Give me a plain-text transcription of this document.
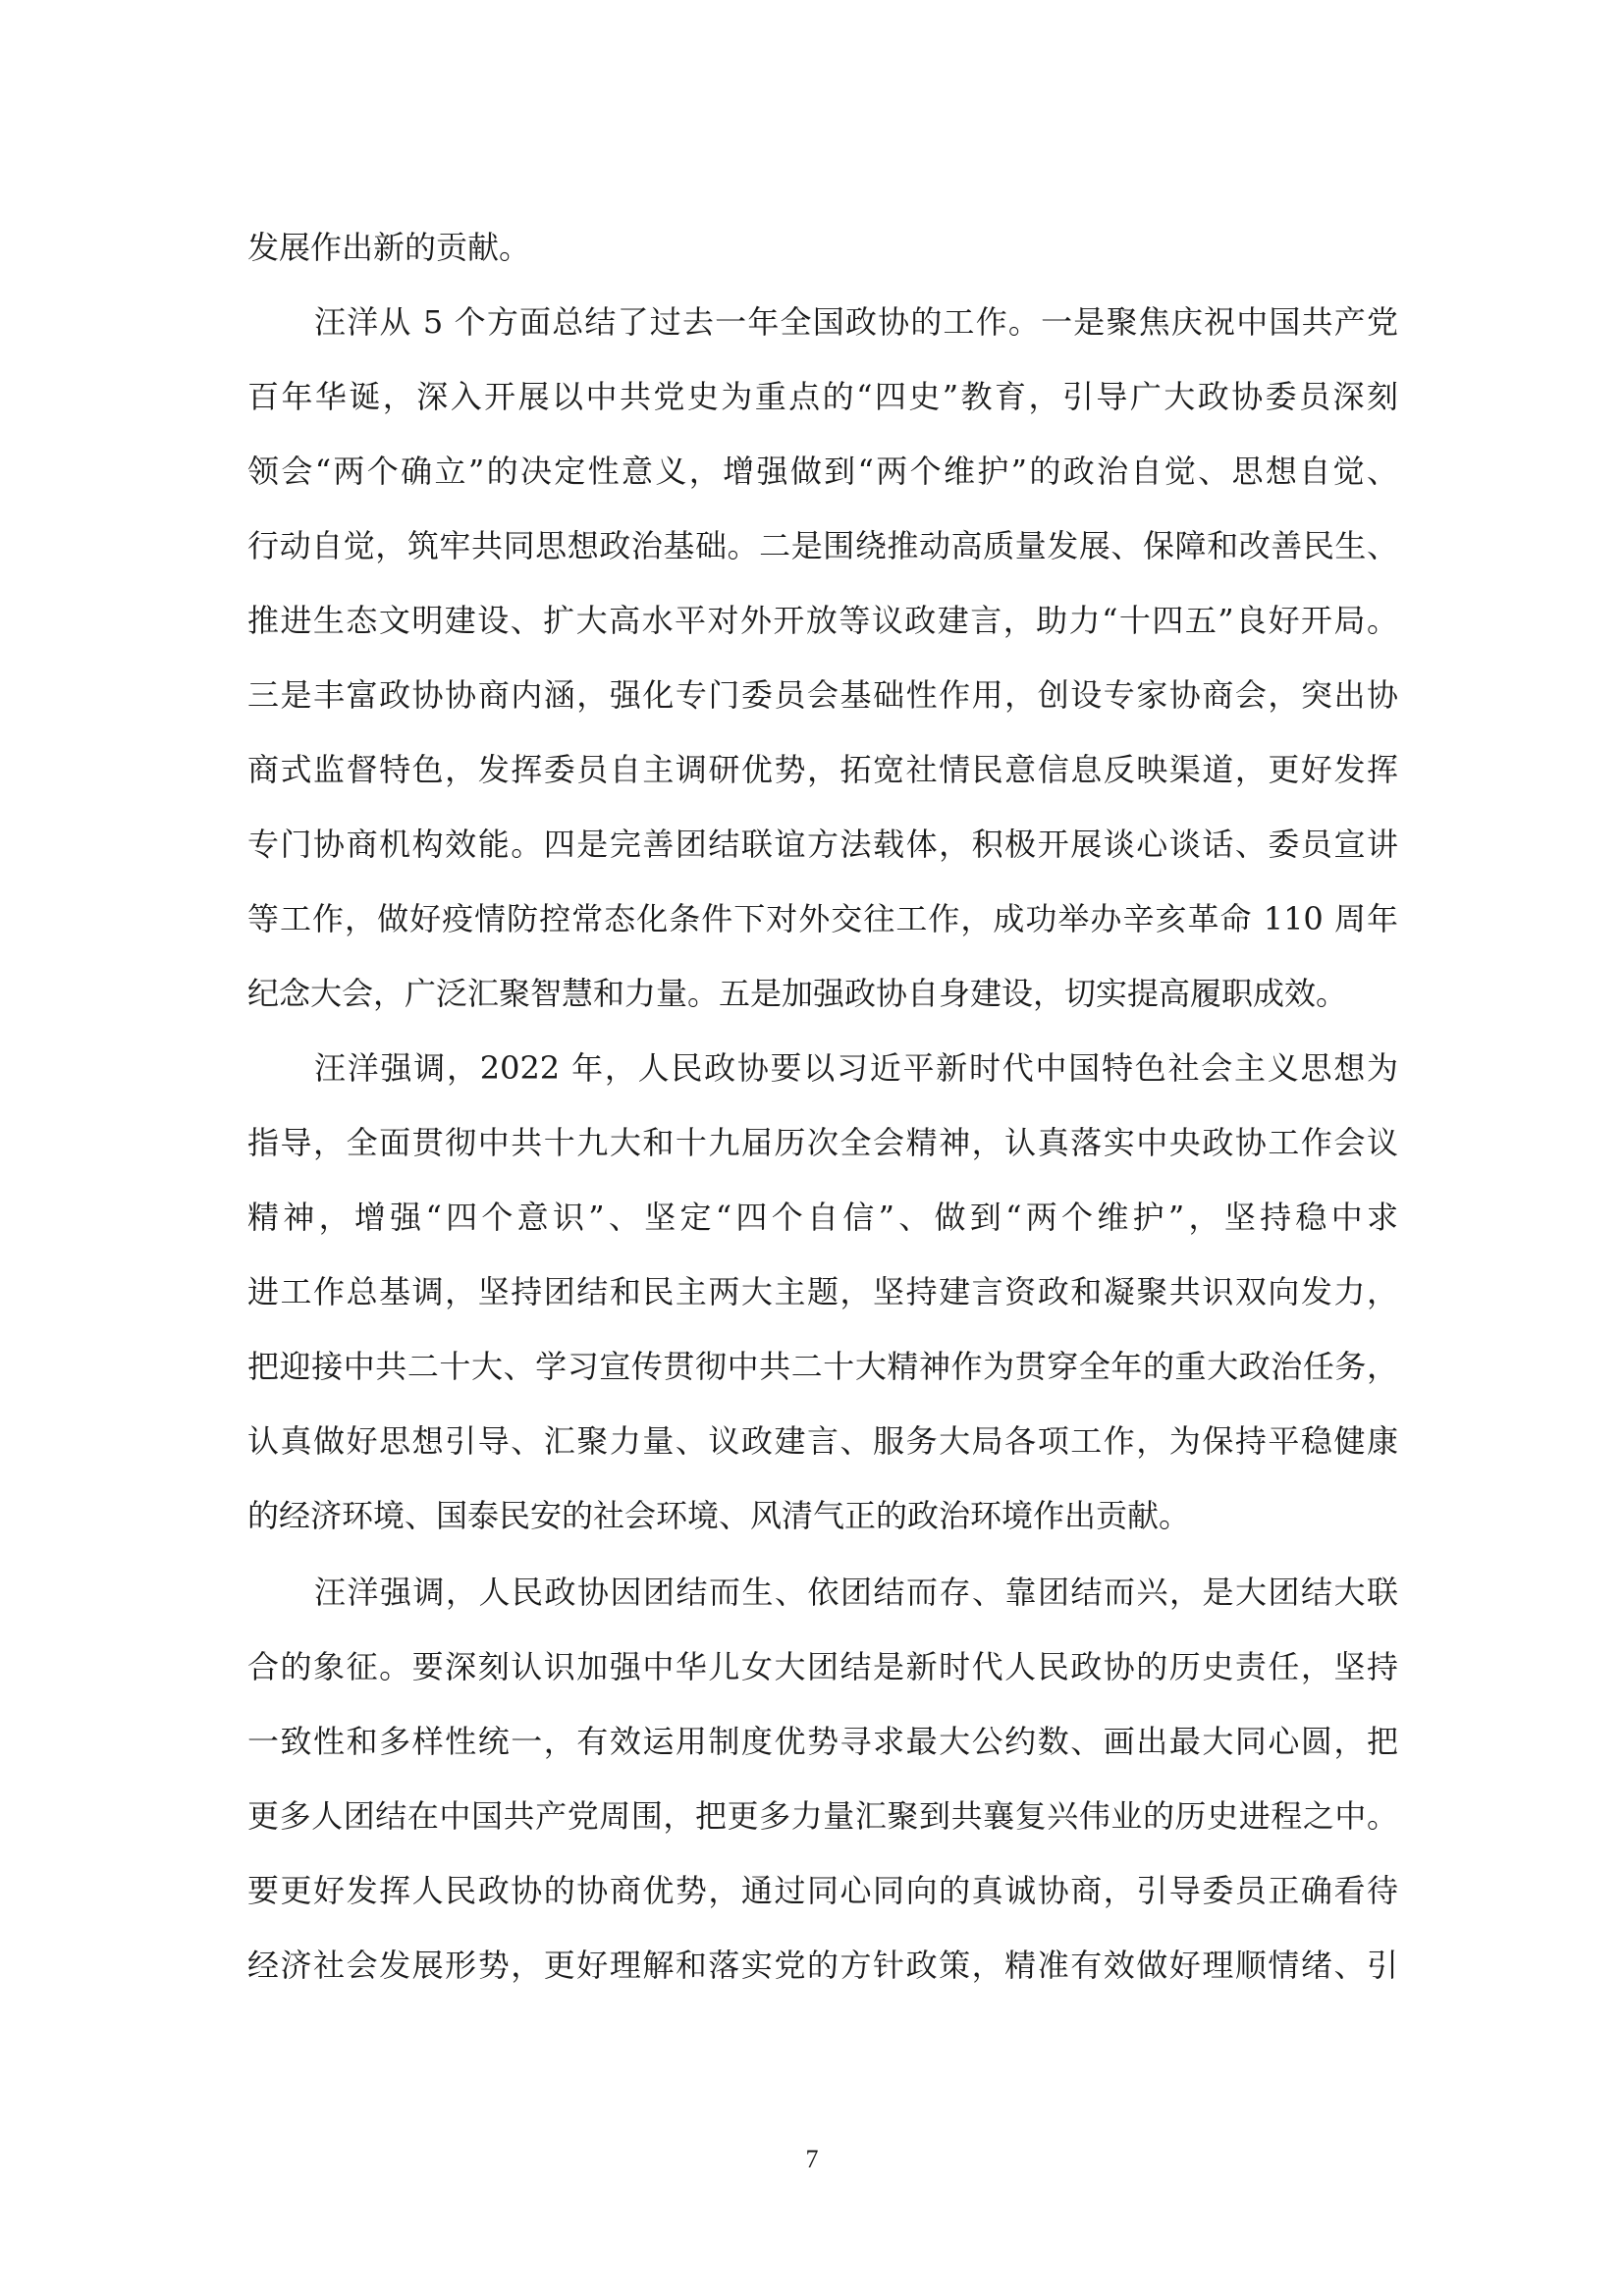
发展作出新的贡献。

汪洋从 5 个方面总结了过去一年全国政协的工作。一是聚焦庆祝中国共产党

百年华诞，深入开展以中共党史为重点的“四史”教育，引导广大政协委员深刻

领会“两个确立”的决定性意义，增强做到“两个维护”的政治自觉、思想自觉、

行动自觉，筑牢共同思想政治基础。二是围绕推动高质量发展、保障和改善民生、

推进生态文明建设、扩大高水平对外开放等议政建言，助力“十四五”良好开局。

三是丰富政协协商内涵，强化专门委员会基础性作用，创设专家协商会，突出协

商式监督特色，发挥委员自主调研优势，拓宽社情民意信息反映渠道，更好发挥

专门协商机构效能。四是完善团结联谊方法载体，积极开展谈心谈话、委员宣讲

等工作，做好疫情防控常态化条件下对外交往工作，成功举办辛亥革命 110 周年

纪念大会，广泛汇聚智慧和力量。五是加强政协自身建设，切实提高履职成效。

汪洋强调，2022 年，人民政协要以习近平新时代中国特色社会主义思想为

指导，全面贯彻中共十九大和十九届历次全会精神，认真落实中央政协工作会议

精神，增强“四个意识”、坚定“四个自信”、做到“两个维护”，坚持稳中求

进工作总基调，坚持团结和民主两大主题，坚持建言资政和凝聚共识双向发力，

把迎接中共二十大、学习宣传贯彻中共二十大精神作为贯穿全年的重大政治任务，

认真做好思想引导、汇聚力量、议政建言、服务大局各项工作，为保持平稳健康

的经济环境、国泰民安的社会环境、风清气正的政治环境作出贡献。

汪洋强调，人民政协因团结而生、依团结而存、靠团结而兴，是大团结大联

合的象征。要深刻认识加强中华儿女大团结是新时代人民政协的历史责任，坚持

一致性和多样性统一，有效运用制度优势寻求最大公约数、画出最大同心圆，把

更多人团结在中国共产党周围，把更多力量汇聚到共襄复兴伟业的历史进程之中。

要更好发挥人民政协的协商优势，通过同心同向的真诚协商，引导委员正确看待

经济社会发展形势，更好理解和落实党的方针政策，精准有效做好理顺情绪、引

7
